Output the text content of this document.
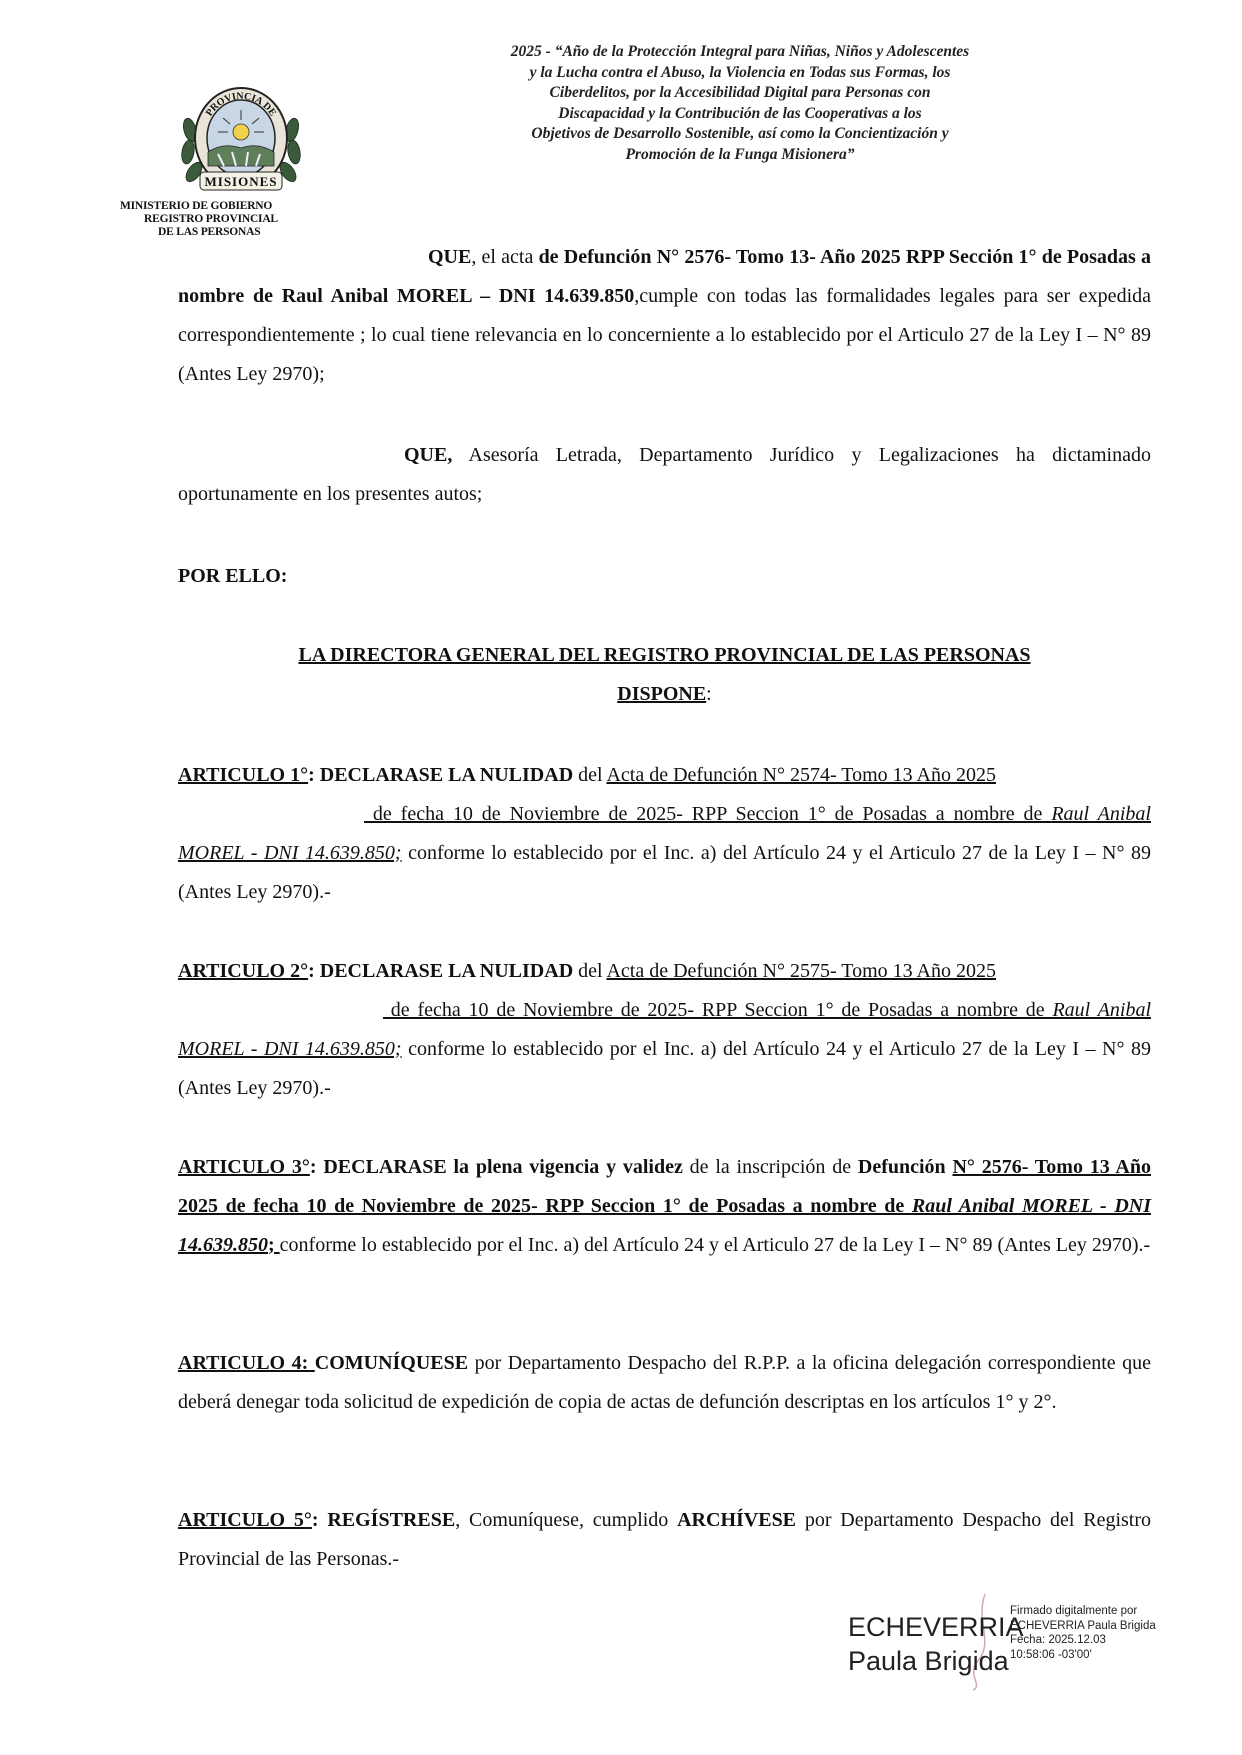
PROVINCIA DE
MISIONES
MINISTERIO DE GOBIERNO
REGISTRO PROVINCIAL
DE LAS PERSONAS
2025 - “Año de la Protección Integral para Niñas, Niños y Adolescentes
y la Lucha contra el Abuso, la Violencia en Todas sus Formas, los
Ciberdelitos, por la Accesibilidad Digital para Personas con
Discapacidad y la Contribución de las Cooperativas a los
Objetivos de Desarrollo Sostenible, así como la Concientización y
Promoción de la Funga Misionera”
QUE, el acta de Defunción N° 2576- Tomo 13- Año 2025 RPP Sección 1° de Posadas a nombre de Raul Anibal MOREL – DNI 14.639.850,cumple con todas las formalidades legales para ser expedida correspondientemente ; lo cual tiene relevancia en lo concerniente a lo establecido por el Articulo 27 de la Ley I – N° 89 (Antes Ley 2970);
QUE, Asesoría Letrada, Departamento Jurídico y Legalizaciones ha dictaminado oportunamente en los presentes autos;
POR ELLO:
LA DIRECTORA GENERAL DEL REGISTRO PROVINCIAL DE LAS PERSONAS
DISPONE:
ARTICULO 1°: DECLARASE LA NULIDAD del Acta de Defunción N° 2574- Tomo 13 Año 2025
de fecha 10 de Noviembre de 2025- RPP Seccion 1° de Posadas a nombre de Raul Anibal MOREL - DNI 14.639.850; conforme lo establecido por el Inc. a) del Artículo 24 y el Articulo 27 de la Ley I – N° 89 (Antes Ley 2970).-
ARTICULO 2°: DECLARASE LA NULIDAD del Acta de Defunción N° 2575- Tomo 13 Año 2025
de fecha 10 de Noviembre de 2025- RPP Seccion 1° de Posadas a nombre de Raul Anibal MOREL - DNI 14.639.850; conforme lo establecido por el Inc. a) del Artículo 24 y el Articulo 27 de la Ley I – N° 89 (Antes Ley 2970).-
ARTICULO 3°: DECLARASE la plena vigencia y validez de la inscripción de Defunción N° 2576- Tomo 13 Año 2025 de fecha 10 de Noviembre de 2025- RPP Seccion 1° de Posadas a nombre de Raul Anibal MOREL - DNI 14.639.850; conforme lo establecido por el Inc. a) del Artículo 24 y el Articulo 27 de la Ley I – N° 89 (Antes Ley 2970).-
ARTICULO 4: COMUNÍQUESE por Departamento Despacho del R.P.P. a la oficina delegación correspondiente que deberá denegar toda solicitud de expedición de copia de actas de defunción descriptas en los artículos 1° y 2°.
ARTICULO 5°: REGÍSTRESE, Comuníquese, cumplido ARCHÍVESE por Departamento Despacho del Registro Provincial de las Personas.-
ECHEVERRIA
Paula Brigida
Firmado digitalmente por
ECHEVERRIA Paula Brigida
Fecha: 2025.12.03
10:58:06 -03'00'
